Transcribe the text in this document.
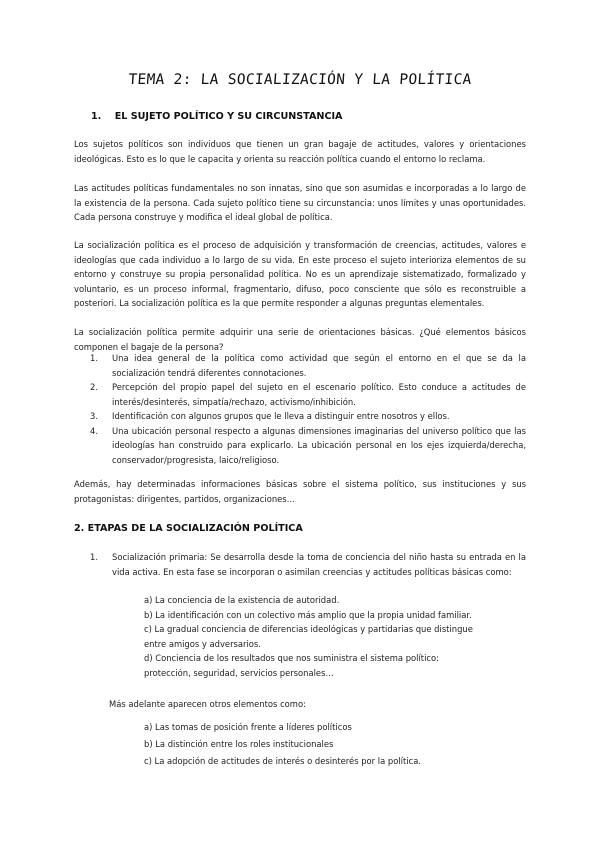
TEMA 2: LA SOCIALIZACIÓN Y LA POLÍTICA
1. EL SUJETO POLÍTICO Y SU CIRCUNSTANCIA
Los sujetos políticos son individuos que tienen un gran bagaje de actitudes, valores y orientaciones ideológicas. Esto es lo que le capacita y orienta su reacción política cuando el entorno lo reclama.
Las actitudes políticas fundamentales no son innatas, sino que son asumidas e incorporadas a lo largo de la existencia de la persona. Cada sujeto político tiene su circunstancia: unos límites y unas oportunidades. Cada persona construye y modifica el ideal global de política.
La socialización política es el proceso de adquisición y transformación de creencias, actitudes, valores e ideologías que cada individuo a lo largo de su vida. En este proceso el sujeto interioriza elementos de su entorno y construye su propia personalidad política. No es un aprendizaje sistematizado, formalizado y voluntario, es un proceso informal, fragmentario, difuso, poco consciente que sólo es reconstruible a posteriori. La socialización política es la que permite responder a algunas preguntas elementales.
La socialización política permite adquirir una serie de orientaciones básicas. ¿Qué elementos básicos componen el bagaje de la persona?
1. Una idea general de la política como actividad que según el entorno en el que se da la socialización tendrá diferentes connotaciones.
2. Percepción del propio papel del sujeto en el escenario político. Esto conduce a actitudes de interés/desinterés, simpatía/rechazo, activismo/inhibición.
3. Identificación con algunos grupos que le lleva a distinguir entre nosotros y ellos.
4. Una ubicación personal respecto a algunas dimensiones imaginarias del universo político que las ideologías han construido para explicarlo. La ubicación personal en los ejes izquierda/derecha, conservador/progresista, laico/religioso.
Además, hay determinadas informaciones básicas sobre el sistema político, sus instituciones y sus protagonistas: dirigentes, partidos, organizaciones…
2. ETAPAS DE LA SOCIALIZACIÓN POLÍTICA
1. Socialización primaria: Se desarrolla desde la toma de conciencia del niño hasta su entrada en la vida activa. En esta fase se incorporan o asimilan creencias y actitudes políticas básicas como:
a) La conciencia de la existencia de autoridad.
b) La identificación con un colectivo más amplio que la propia unidad familiar.
c) La gradual conciencia de diferencias ideológicas y partidarias que distingue
entre amigos y adversarios.
d) Conciencia de los resultados que nos suministra el sistema político:
protección, seguridad, servicios personales…
Más adelante aparecen otros elementos como:
a) Las tomas de posición frente a líderes políticos
b) La distinción entre los roles institucionales
c) La adopción de actitudes de interés o desinterés por la política.
